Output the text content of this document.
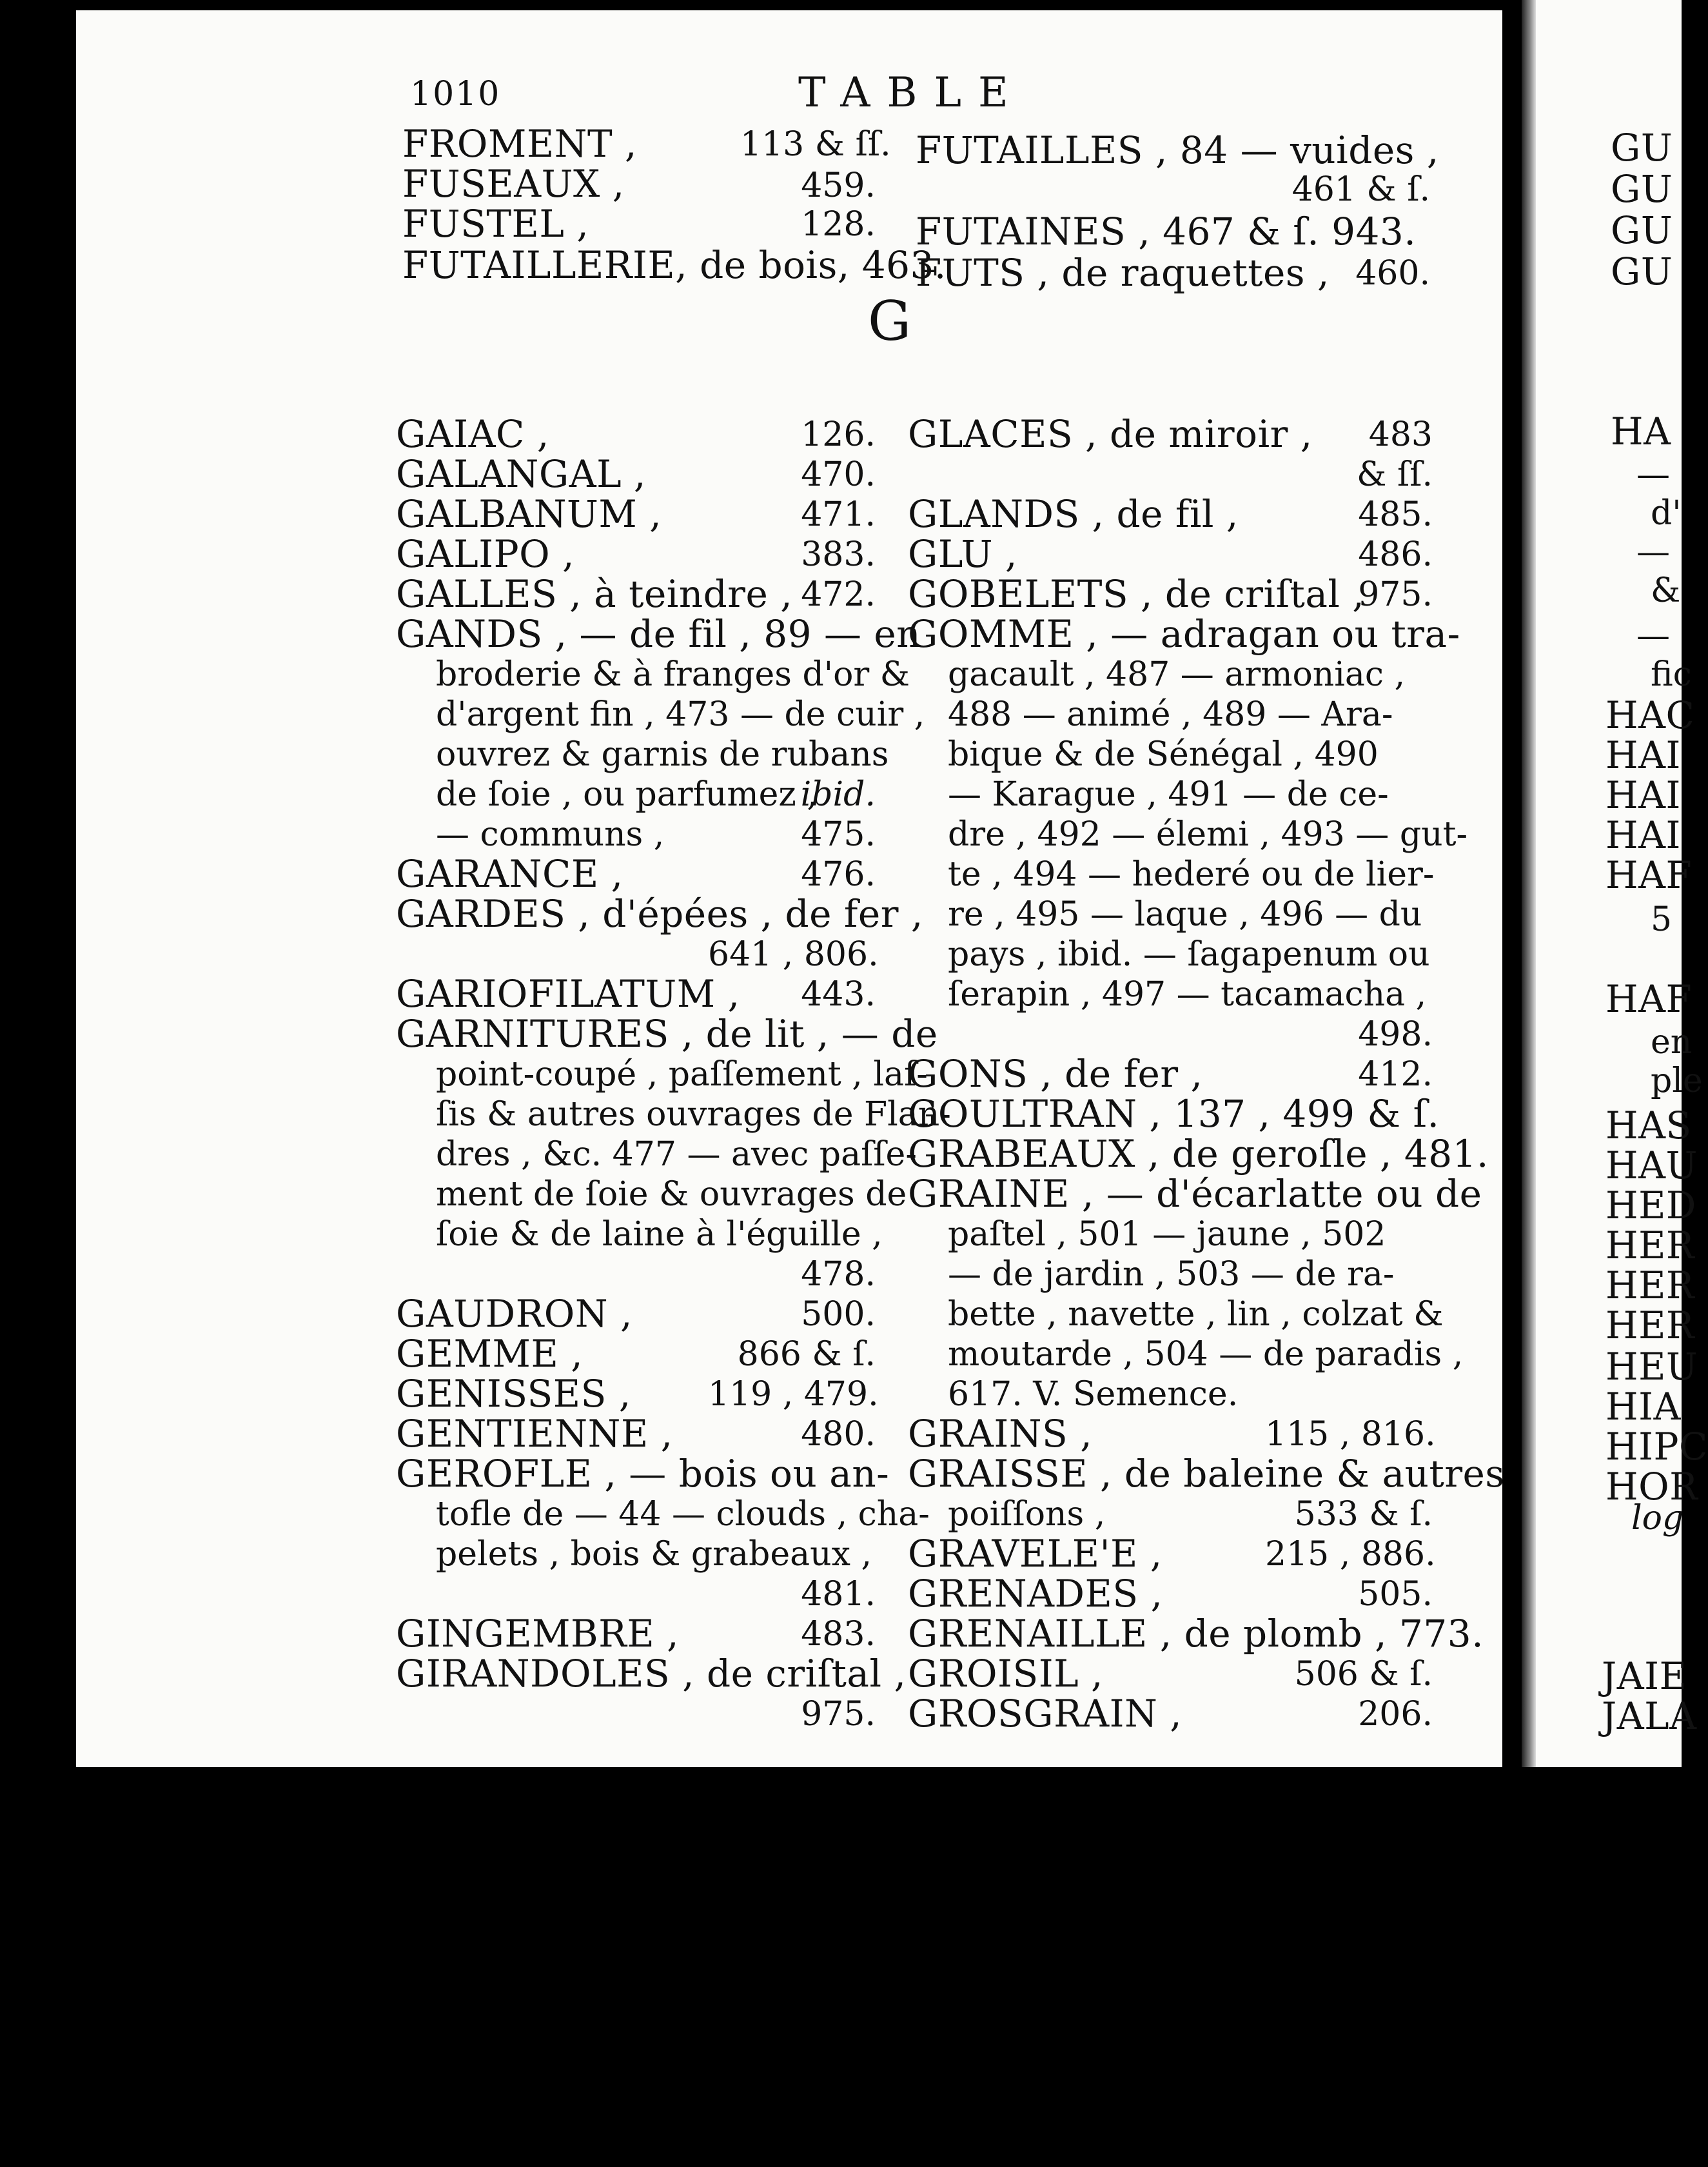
1010	TABLE
FROMENT ,	113 & ſſ.
FUSEAUX ,	459.
FUSTEL ,	128.
FUTAILLERIE, de bois, 463.
FUTAILLES , 84 — vuides ,
461 & ſ.
FUTAINES , 467 & ſ. 943.
FUTS , de raquettes , 460.
G
GAIAC ,	126.
GALANGAL ,	470.
GALBANUM ,	471.
GALIPO ,	383.
GALLES , à teindre , 472.
GANDS , — de fil , 89 — en
broderie & à franges d'or &
d'argent fin , 473 — de cuir ,
ouvrez & garnis de rubans
de ſoie , ou parfumez ,
ibid.
— communs ,	475.
GARANCE ,	476.
GARDES , d'épées , de fer ,
641 , 806.
GARIOFILATUM ,	443.
GARNITURES , de lit , — de
point-coupé , paſſement , laſ-
ſis & autres ouvrages de Flan-
dres , &c. 477 — avec paſſe-
ment de ſoie & ouvrages de
ſoie & de laine à l'éguille ,
478.
GAUDRON ,	500.
GEMME ,	866 & ſ.
GENISSES , 119 , 479.
GENTIENNE ,	480.
GEROFLE , — bois ou an-
tofle de — 44 — clouds , cha-
pelets , bois & grabeaux ,
481.
GINGEMBRE ,	483.
GIRANDOLES , de criſtal ,
975.
GLACES , de miroir ,	483
& ſſ.
GLANDS , de fil ,	485.
GLU ,	486.
GOBELETS , de criſtal ,
975.
GOMME , — adragan ou tra-
gacault , 487 — armoniac ,
488 — animé , 489 — Ara-
bique & de Sénégal , 490
— Karague , 491 — de ce-
dre , 492 — élemi , 493 — gut-
te , 494 — hederé ou de lier-
re , 495 — laque , 496 — du
pays , ibid. — ſagapenum ou
ſerapin , 497 — tacamacha ,
498.
GONS , de fer ,	412.
GOULTRAN , 137 , 499 & ſ.
GRABEAUX , de geroſle , 481.
GRAINE , — d'écarlatte ou de
paſtel , 501 — jaune , 502
— de jardin , 503 — de ra-
bette , navette , lin , colzat &
moutarde , 504 — de paradis ,
617. V. Semence.
GRAINS ,	115 , 816.
GRAISSE , de baleine & autres
poiſſons ,	533 & ſ.
GRAVELE'E ,	215 , 886.
GRENADES ,	505.
GRENAILLE , de plomb , 773.
GROISIL ,	506 & ſ.
GROSGRAIN ,	206.
GU
GU
GU
GU
HA
—
d'
—
&
—
fic
HAC
HAI
HAI
HAI
HAF
5
HAF
en
ple
HAS
HAU
HED
HER
HER
HER
HEU
HIA
HIPC
HOR
log
JAIE
JALA
